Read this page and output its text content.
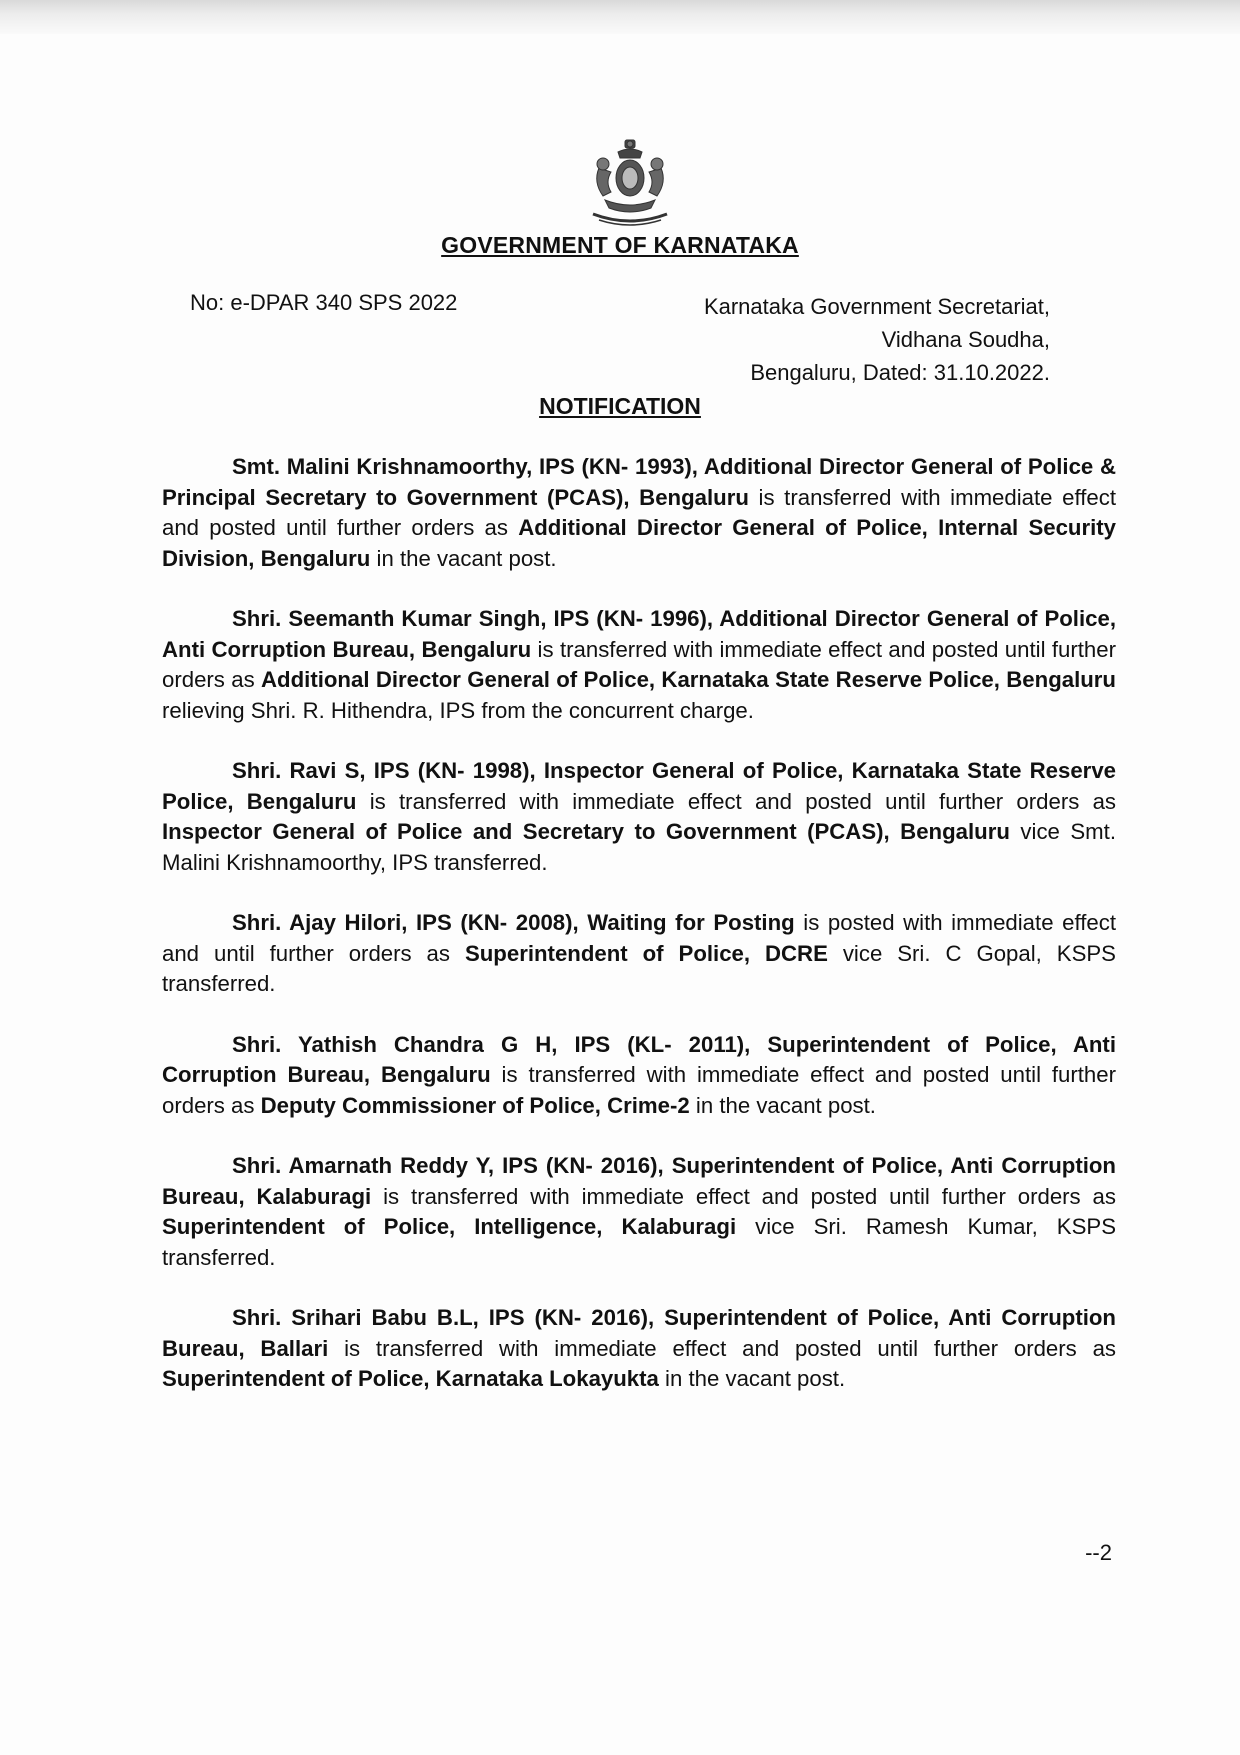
GOVERNMENT OF KARNATAKA
No: e-DPAR 340 SPS 2022	Karnataka Government Secretariat,
Vidhana Soudha,
Bengaluru, Dated: 31.10.2022.
NOTIFICATION

Smt. Malini Krishnamoorthy, IPS (KN- 1993), Additional Director General of Police & Principal Secretary to Government (PCAS), Bengaluru is transferred with immediate effect and posted until further orders as Additional Director General of Police, Internal Security Division, Bengaluru in the vacant post.

Shri. Seemanth Kumar Singh, IPS (KN- 1996), Additional Director General of Police, Anti Corruption Bureau, Bengaluru is transferred with immediate effect and posted until further orders as Additional Director General of Police, Karnataka State Reserve Police, Bengaluru relieving Shri. R. Hithendra, IPS from the concurrent charge.

Shri. Ravi S, IPS (KN- 1998), Inspector General of Police, Karnataka State Reserve Police, Bengaluru is transferred with immediate effect and posted until further orders as Inspector General of Police and Secretary to Government (PCAS), Bengaluru vice Smt. Malini Krishnamoorthy, IPS transferred.

Shri. Ajay Hilori, IPS (KN- 2008), Waiting for Posting is posted with immediate effect and until further orders as Superintendent of Police, DCRE vice Sri. C Gopal, KSPS transferred.

Shri. Yathish Chandra G H, IPS (KL- 2011), Superintendent of Police, Anti Corruption Bureau, Bengaluru is transferred with immediate effect and posted until further orders as Deputy Commissioner of Police, Crime-2 in the vacant post.

Shri. Amarnath Reddy Y, IPS (KN- 2016), Superintendent of Police, Anti Corruption Bureau, Kalaburagi is transferred with immediate effect and posted until further orders as Superintendent of Police, Intelligence, Kalaburagi vice Sri. Ramesh Kumar, KSPS transferred.

Shri. Srihari Babu B.L, IPS (KN- 2016), Superintendent of Police, Anti Corruption Bureau, Ballari is transferred with immediate effect and posted until further orders as Superintendent of Police, Karnataka Lokayukta in the vacant post.

--2
